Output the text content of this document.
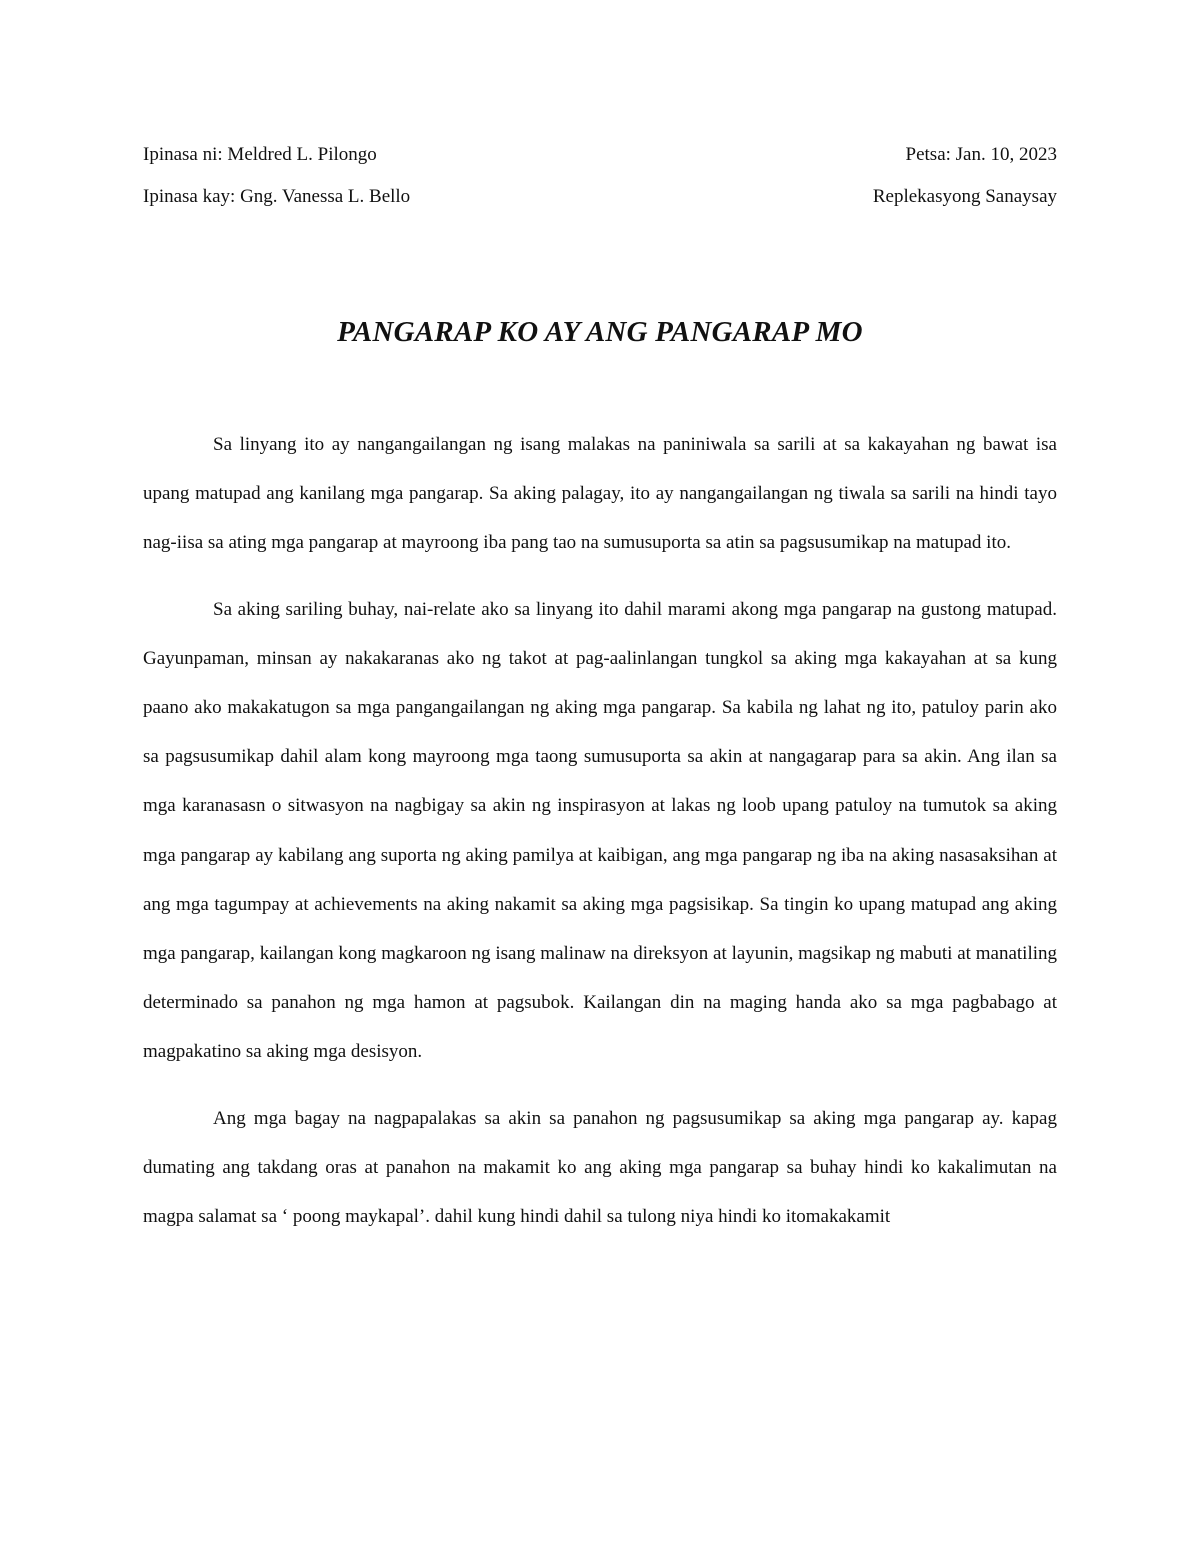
Ipinasa ni: Meldred L. Pilongo	Petsa: Jan. 10, 2023
Ipinasa kay: Gng. Vanessa L. Bello	Replekasyong Sanaysay
PANGARAP KO AY ANG PANGARAP MO

Sa linyang ito ay nangangailangan ng isang malakas na paniniwala sa sarili at sa kakayahan ng bawat isa upang matupad ang kanilang mga pangarap. Sa aking palagay, ito ay nangangailangan ng tiwala sa sarili na hindi tayo nag-iisa sa ating mga pangarap at mayroong iba pang tao na sumusuporta sa atin sa pagsusumikap na matupad ito.

Sa aking sariling buhay, nai-relate ako sa linyang ito dahil marami akong mga pangarap na gustong matupad. Gayunpaman, minsan ay nakakaranas ako ng takot at pag-aalinlangan tungkol sa aking mga kakayahan at sa kung paano ako makakatugon sa mga pangangailangan ng aking mga pangarap. Sa kabila ng lahat ng ito, patuloy parin ako sa pagsusumikap dahil alam kong mayroong mga taong sumusuporta sa akin at nangagarap para sa akin. Ang ilan sa mga karanasasn o sitwasyon na nagbigay sa akin ng inspirasyon at lakas ng loob upang patuloy na tumutok sa aking mga pangarap ay kabilang ang suporta ng aking pamilya at kaibigan, ang mga pangarap ng iba na aking nasasaksihan at ang mga tagumpay at achievements na aking nakamit sa aking mga pagsisikap. Sa tingin ko upang matupad ang aking mga pangarap, kailangan kong magkaroon ng isang malinaw na direksyon at layunin, magsikap ng mabuti at manatiling determinado sa panahon ng mga hamon at pagsubok. Kailangan din na maging handa ako sa mga pagbabago at magpakatino sa aking mga desisyon.

Ang mga bagay na nagpapalakas sa akin sa panahon ng pagsusumikap sa aking mga pangarap ay. kapag dumating ang takdang oras at panahon na makamit ko ang aking mga pangarap sa buhay hindi ko kakalimutan na magpa salamat sa ‘ poong maykapal’. dahil kung hindi dahil sa tulong niya hindi ko itomakakamit
